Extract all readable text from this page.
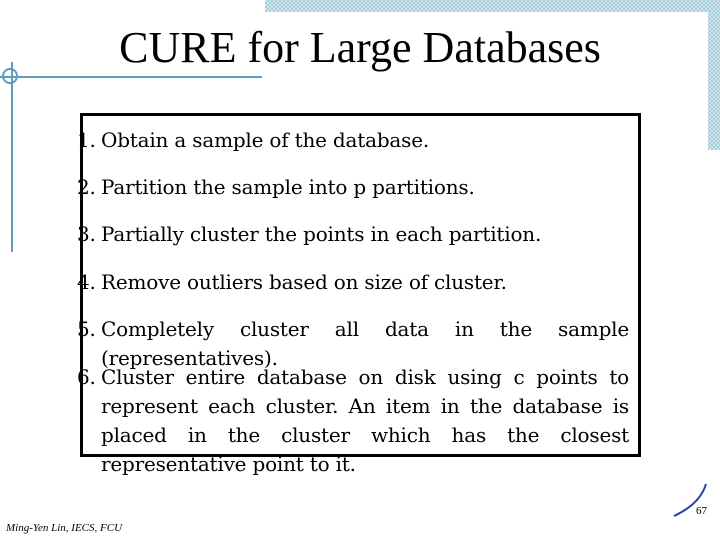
CURE for Large Databases
1. Obtain a sample of the database.
2. Partition the sample into p partitions.
3. Partially cluster the points in each partition.
4. Remove outliers based on size of cluster.
5. Completely cluster all data in the sample (representatives).
6. Cluster entire database on disk using c points to represent each cluster. An item in the database is placed in the cluster which has the closest representative point to it.
67
Ming-Yen Lin, IECS, FCU
